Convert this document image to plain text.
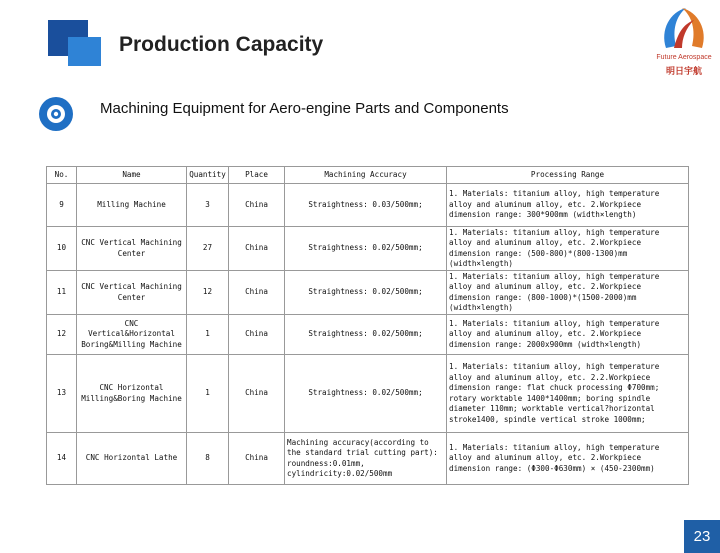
Production Capacity
Future Aerospace
明日宇航
Machining Equipment for Aero-engine Parts and Components
No.	Name	Quantity	Place	Machining Accuracy	Processing Range
9	Milling Machine	3	China	Straightness: 0.03/500mm;	1. Materials: titanium alloy, high temperature alloy and aluminum alloy, etc. 2.Workpiece dimension range: 300*900mm (width×length)
10	CNC Vertical Machining Center	27	China	Straightness: 0.02/500mm;	1. Materials: titanium alloy, high temperature alloy and aluminum alloy, etc. 2.Workpiece dimension range: (500-800)*(800-1300)mm (width×length)
11	CNC Vertical Machining Center	12	China	Straightness: 0.02/500mm;	1. Materials: titanium alloy, high temperature alloy and aluminum alloy, etc. 2.Workpiece dimension range: (800-1000)*(1500-2000)mm (width×length)
12	CNC Vertical&Horizontal Boring&Milling Machine	1	China	Straightness: 0.02/500mm;	1. Materials: titanium alloy, high temperature alloy and aluminum alloy, etc. 2.Workpiece dimension range: 2000x900mm (width×length)
13	CNC Horizontal Milling&Boring Machine	1	China	Straightness: 0.02/500mm;	1. Materials: titanium alloy, high temperature alloy and aluminum alloy, etc. 2.2.Workpiece dimension range: flat chuck processing Φ700mm; rotary worktable 1400*1400mm; boring spindle diameter 110mm; worktable vertical?horizontal stroke1400, spindle vertical stroke 1000mm;
14	CNC Horizontal Lathe	8	China	Machining accuracy(according to the standard trial cutting part): roundness:0.01mm, cylindricity:0.02/500mm	1. Materials: titanium alloy, high temperature alloy and aluminum alloy, etc. 2.Workpiece dimension range: (Φ300-Φ630mm) × (450-2300mm)
23
